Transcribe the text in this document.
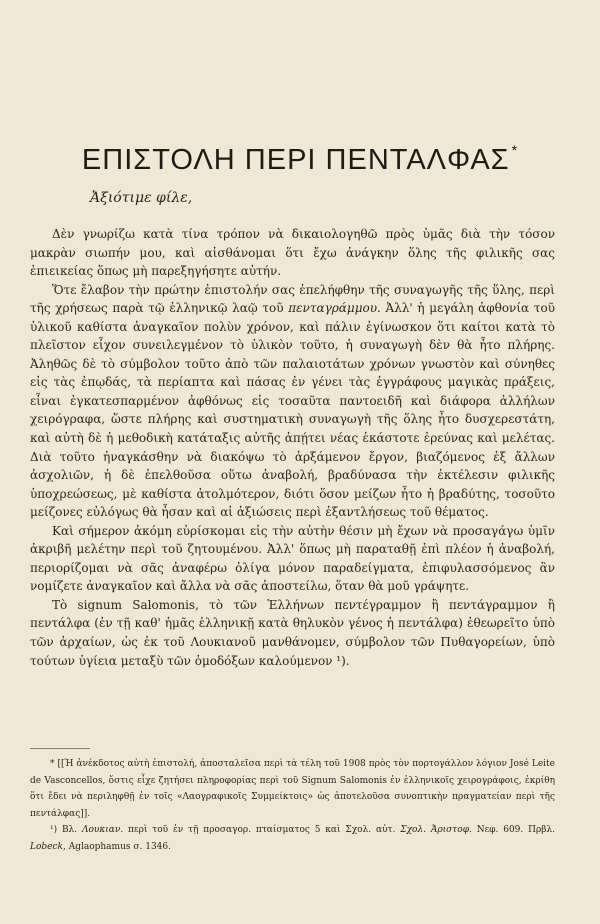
ΕΠΙΣΤΟΛΗ ΠΕΡΙ ΠΕΝΤΑΛΦΑΣ *
Ἀξιότιμε φίλε,

Δὲν γνωρίζω κατὰ τίνα τρόπον νὰ δικαιολογηθῶ πρὸς ὑμᾶς διὰ τὴν τόσον μακρὰν σιωπήν μου, καὶ αἰσθάνομαι ὅτι ἔχω ἀνάγκην ὅλης τῆς φιλικῆς σας ἐπιεικείας ὅπως μὴ παρεξηγήσητε αὐτήν.

Ὅτε ἔλαβον τὴν πρώτην ἐπιστολήν σας ἐπελήφθην τῆς συναγωγῆς τῆς ὕλης, περὶ τῆς χρήσεως παρὰ τῷ ἑλληνικῷ λαῷ τοῦ πενταγράμμου. Ἀλλ' ἡ μεγάλη ἀφθονία τοῦ ὑλικοῦ καθίστα ἀναγκαῖον πολὺν χρόνον, καὶ πάλιν ἐγίνωσκον ὅτι καίτοι κατὰ τὸ πλεῖστον εἶχον συνειλεγμένον τὸ ὑλικὸν τοῦτο, ἡ συναγωγὴ δὲν θὰ ἦτο πλήρης. Ἀληθῶς δὲ τὸ σύμβολον τοῦτο ἀπὸ τῶν παλαιοτάτων χρόνων γνωστὸν καὶ σύνηθες εἰς τὰς ἐπῳδάς, τὰ περίαπτα καὶ πάσας ἐν γένει τὰς ἐγγράφους μαγικὰς πράξεις, εἶναι ἐγκατεσπαρμένον ἀφθόνως εἰς τοσαῦτα παντοειδῆ καὶ διάφορα ἀλλήλων χειρόγραφα, ὥστε πλήρης καὶ συστηματικὴ συναγωγὴ τῆς ὅλης ἦτο δυσχερεστάτη, καὶ αὐτὴ δὲ ἡ μεθοδικὴ κατάταξις αὐτῆς ἀπῄτει νέας ἑκάστοτε ἐρεύνας καὶ μελέτας. Διὰ τοῦτο ἠναγκάσθην νὰ διακόψω τὸ ἀρξάμενον ἔργον, βιαζόμενος ἐξ ἄλλων ἀσχολιῶν, ἡ δὲ ἐπελθοῦσα οὕτω ἀναβολή, βραδύνασα τὴν ἐκτέλεσιν φιλικῆς ὑποχρεώσεως, μὲ καθίστα ἀτολμότερον, διότι ὅσον μείζων ἦτο ἡ βραδύτης, τοσοῦτο μείζονες εὐλόγως θὰ ἦσαν καὶ αἱ ἀξιώσεις περὶ ἐξαντλήσεως τοῦ θέματος.

Καὶ σήμερον ἀκόμη εὑρίσκομαι εἰς τὴν αὐτὴν θέσιν μὴ ἔχων νὰ προσαγάγω ὑμῖν ἀκριβῆ μελέτην περὶ τοῦ ζητουμένου. Ἀλλ' ὅπως μὴ παραταθῇ ἐπὶ πλέον ἡ ἀναβολή, περιορίζομαι νὰ σᾶς ἀναφέρω ὀλίγα μόνον παραδείγματα, ἐπιφυλασσόμενος ἂν νομίζετε ἀναγκαῖον καὶ ἄλλα νὰ σᾶς ἀποστείλω, ὅταν θὰ μοῦ γράψητε.

Τὸ signum Salomonis, τὸ τῶν Ἑλλήνων πεντέγραμμον ἢ πεντάγραμμον ἢ πεντάλφα (ἐν τῇ καθ' ἡμᾶς ἑλληνικῇ κατὰ θηλυκὸν γένος ἡ πεντάλφα) ἐθεωρεῖτο ὑπὸ τῶν ἀρχαίων, ὡς ἐκ τοῦ Λουκιανοῦ μανθάνομεν, σύμβολον τῶν Πυθαγορείων, ὑπὸ τούτων ὑγίεια μεταξὺ τῶν ὁμοδόξων καλούμενον ¹).

* [[Ἡ ἀνέκδοτος αὐτὴ ἐπιστολή, ἀποσταλεῖσα περὶ τὰ τέλη τοῦ 1908 πρὸς τὸν πορτογάλλον λόγιον José Leite de Vasconcellos, ὅστις εἶχε ζητήσει πληροφορίας περὶ τοῦ Signum Salomonis ἐν ἑλληνικοῖς χειρογράφοις, ἐκρίθη ὅτι ἔδει νὰ περιληφθῇ ἐν τοῖς «Λαογραφικοῖς Συμμείκτοις» ὡς ἀποτελοῦσα συνοπτικὴν πραγματείαν περὶ τῆς πεντάλφας]].

¹) Βλ. Λουκιαν. περὶ τοῦ ἐν τῇ προσαγορ. πταίσματος 5 καὶ Σχολ. αὐτ. Σχολ. Ἀριστοφ. Νεφ. 609. Πρβλ. Lobeck, Aglaophamus σ. 1346.
